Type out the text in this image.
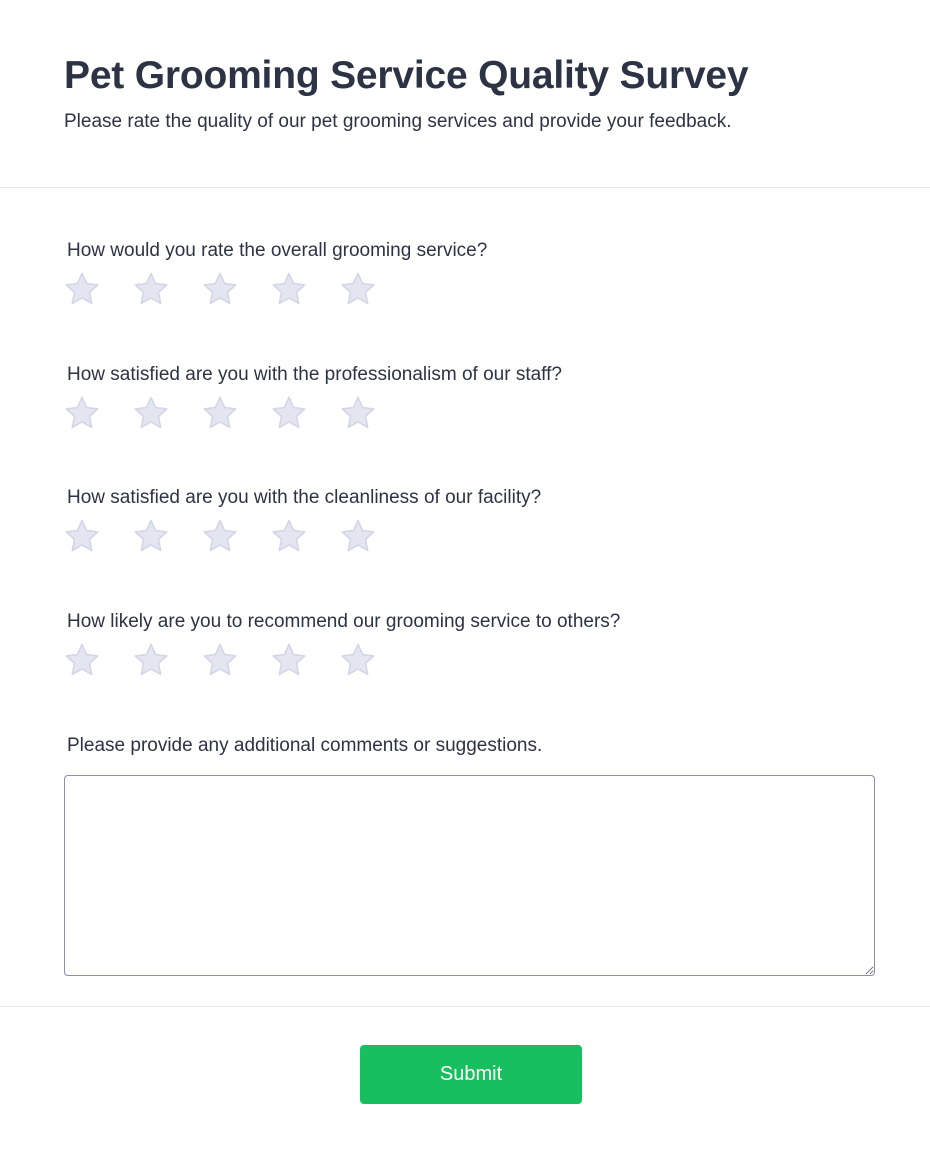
Pet Grooming Service Quality Survey

Please rate the quality of our pet grooming services and provide your feedback.

How would you rate the overall grooming service?
How satisfied are you with the professionalism of our staff?
How satisfied are you with the cleanliness of our facility?
How likely are you to recommend our grooming service to others?
Please provide any additional comments or suggestions.
Submit
